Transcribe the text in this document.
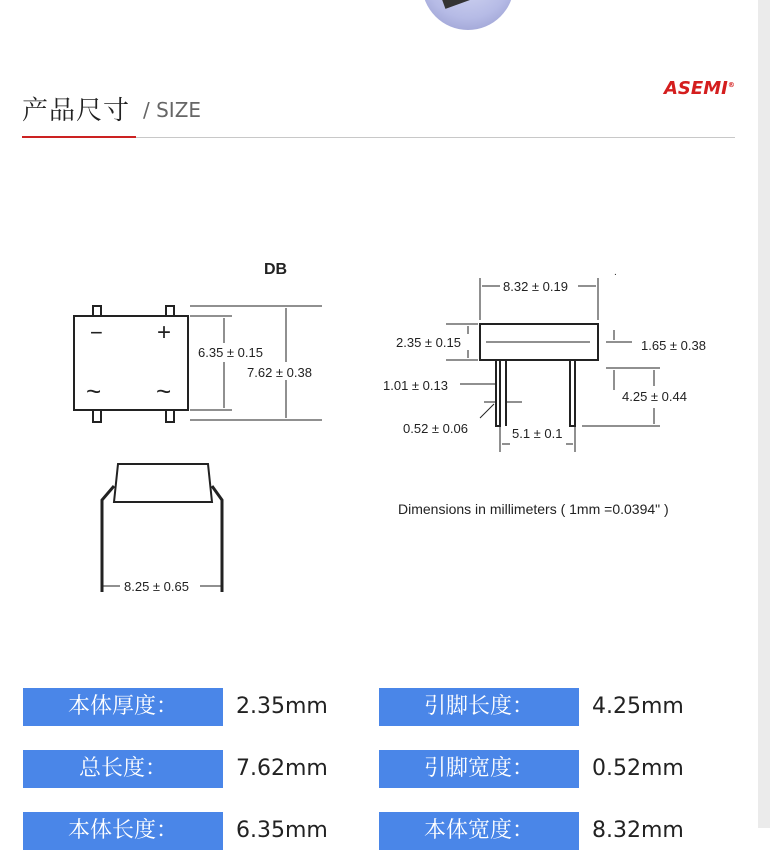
产品尺寸 / SIZE
ASEMI®
DB
− +
~ ~
6.35 ± 0.15
7.62 ± 0.38
8.25 ± 0.65
.
8.32 ± 0.19
2.35 ± 0.15	1.65 ± 0.38
1.01 ± 0.13
4.25 ± 0.44
0.52 ± 0.06	5.1 ± 0.1
Dimensions in millimeters ( 1mm =0.0394" )
本体厚度：	2.35mm	引脚长度：	4.25mm
总长度：	7.62mm	引脚宽度：	0.52mm
本体长度：	6.35mm	本体宽度：	8.32mm
